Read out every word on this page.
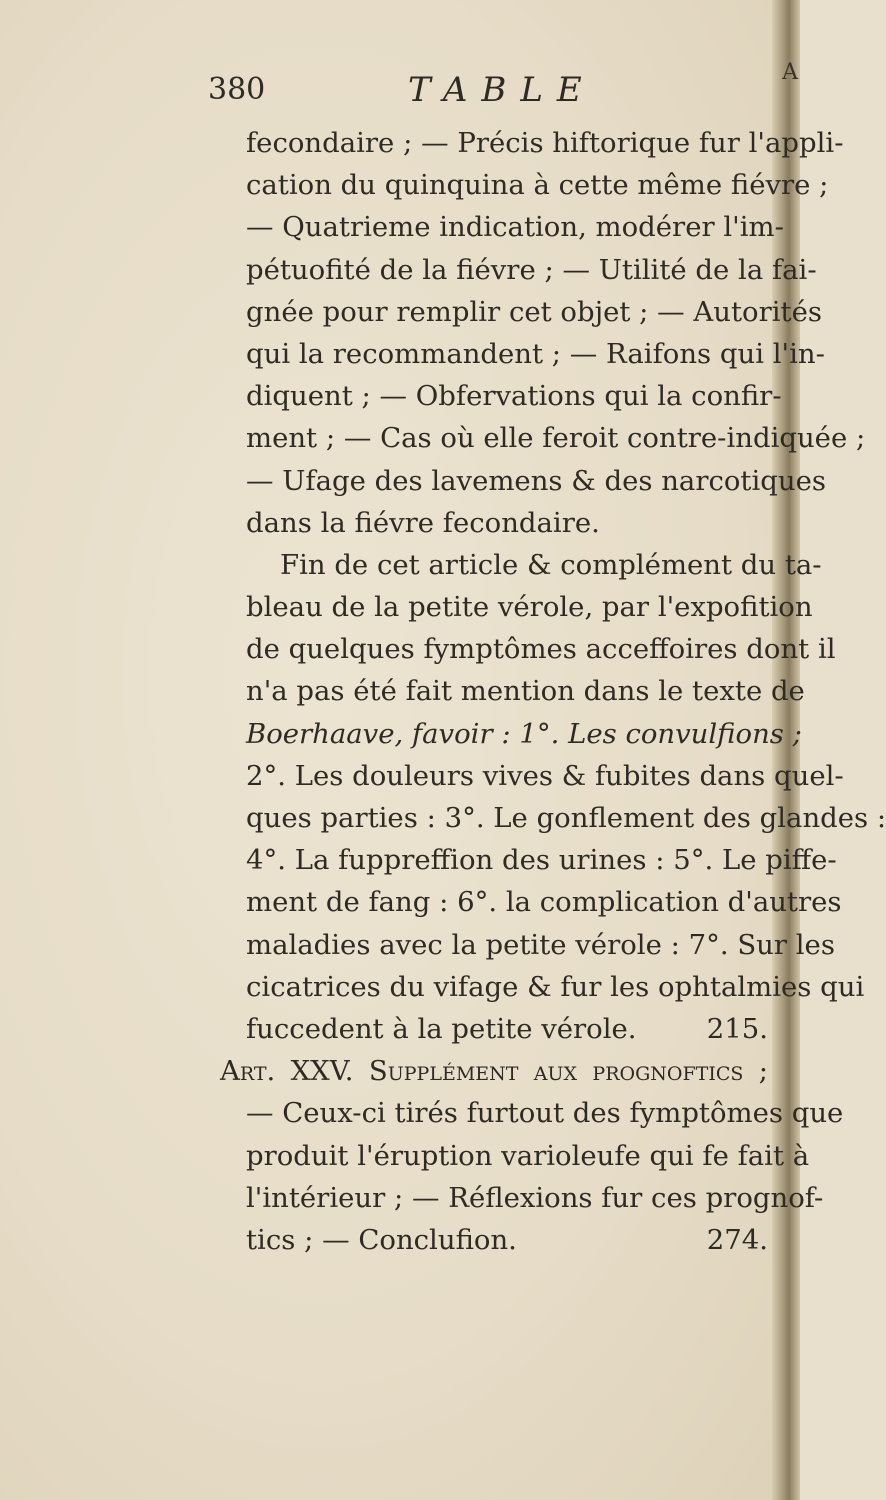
A
380	TABLE
fecondaire ; — Précis hiftorique fur l'appli-
cation du quinquina à cette même fiévre ;
— Quatrieme indication, modérer l'im-
pétuofité de la fiévre ; — Utilité de la fai-
gnée pour remplir cet objet ; — Autorités
qui la recommandent ; — Raifons qui l'in-
diquent ; — Obfervations qui la confir-
ment ; — Cas où elle feroit contre-indiquée ;
— Ufage des lavemens & des narcotiques
dans la fiévre fecondaire.
Fin de cet article & complément du ta-
bleau de la petite vérole, par l'expofition
de quelques fymptômes acceffoires dont il
n'a pas été fait mention dans le texte de
Boerhaave, favoir : 1°. Les convulfions ;
2°. Les douleurs vives & fubites dans quel-
ques parties : 3°. Le gonflement des glandes :
4°. La fuppreffion des urines : 5°. Le piffe-
ment de fang : 6°. la complication d'autres
maladies avec la petite vérole : 7°. Sur les
cicatrices du vifage & fur les ophtalmies qui
fuccedent à la petite vérole.	215.
Art. XXV. Supplément aux prognoftics ;
— Ceux-ci tirés furtout des fymptômes que
produit l'éruption varioleufe qui fe fait à
l'intérieur ; — Réflexions fur ces prognof-
tics ; — Conclufion.	274.
